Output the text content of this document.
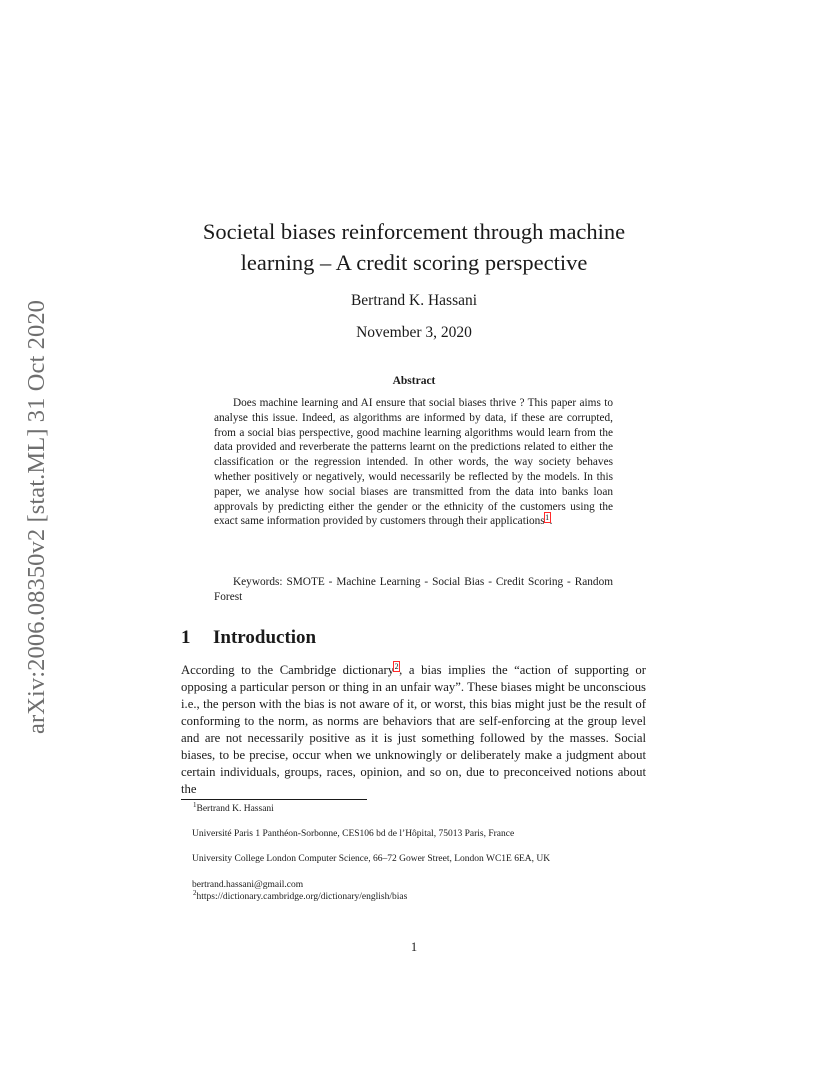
arXiv:2006.08350v2 [stat.ML] 31 Oct 2020
Societal biases reinforcement through machine
learning – A credit scoring perspective
Bertrand K. Hassani
November 3, 2020
Abstract

Does machine learning and AI ensure that social biases thrive ? This paper aims to analyse this issue. Indeed, as algorithms are informed by data, if these are corrupted, from a social bias perspective, good machine learning algorithms would learn from the data provided and reverberate the patterns learnt on the predictions related to either the classification or the regression intended. In other words, the way society behaves whether positively or negatively, would necessarily be reflected by the models. In this paper, we analyse how social biases are transmitted from the data into banks loan approvals by predicting either the gender or the ethnicity of the customers using the exact same information provided by customers through their applications$^1$.

Keywords: SMOTE - Machine Learning - Social Bias - Credit Scoring - Random Forest

1 Introduction

According to the Cambridge dictionary$^2$, a bias implies the “action of supporting or opposing a particular person or thing in an unfair way”. These biases might be unconscious i.e., the person with the bias is not aware of it, or worst, this bias might just be the result of conforming to the norm, as norms are behaviors that are self-enforcing at the group level and are not necessarily positive as it is just something followed by the masses. Social biases, to be precise, occur when we unknowingly or deliberately make a judgment about certain individuals, groups, races, opinion, and so on, due to preconceived notions about the

$^1$Bertrand K. Hassani
Université Paris 1 Panthéon-Sorbonne, CES106 bd de l’Hôpital, 75013 Paris, France
University College London Computer Science, 66–72 Gower Street, London WC1E 6EA, UK
bertrand.hassani@gmail.com
$^2$https://dictionary.cambridge.org/dictionary/english/bias
1
